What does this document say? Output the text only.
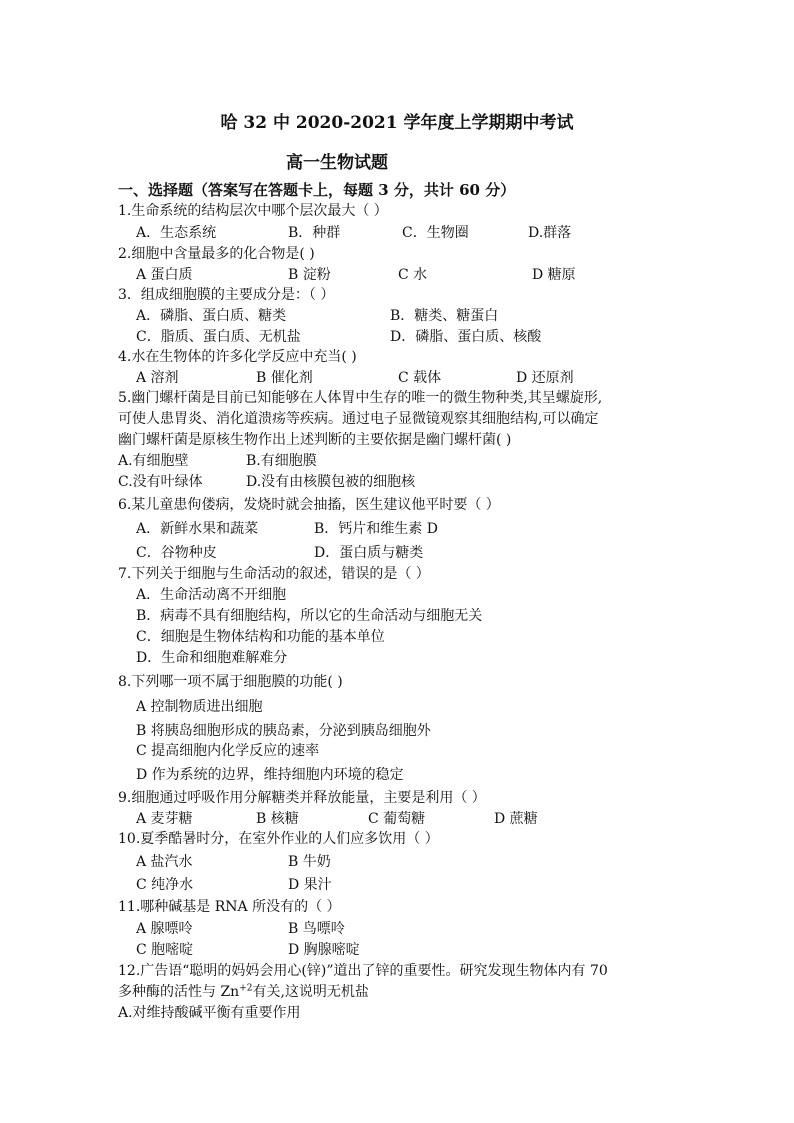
哈 32 中 2020-2021 学年度上学期期中考试
高一生物试题
一、选择题（答案写在答题卡上，每题 3 分，共计 60 分）
1.生命系统的结构层次中哪个层次最大（ ）
A．生态系统	B．种群	C．生物圈	D.群落
2.细胞中含量最多的化合物是( )
A 蛋白质	B 淀粉	C 水	D 糖原
3．组成细胞膜的主要成分是：（ ）
A．磷脂、蛋白质、糖类	B．糖类、糖蛋白
C．脂质、蛋白质、无机盐	D．磷脂、蛋白质、核酸
4.水在生物体的许多化学反应中充当( )
A 溶剂	B 催化剂	C 载体	D 还原剂
5.幽门螺杆菌是目前已知能够在人体胃中生存的唯一的微生物种类,其呈螺旋形,
可使人患胃炎、消化道溃疡等疾病。通过电子显微镜观察其细胞结构,可以确定
幽门螺杆菌是原核生物作出上述判断的主要依据是幽门螺杆菌( )
A.有细胞壁	B.有细胞膜
C.没有叶绿体	D.没有由核膜包被的细胞核
6.某儿童患佝偻病，发烧时就会抽搐，医生建议他平时要（ ）
A．新鲜水果和蔬菜	B．钙片和维生素 D
C．谷物种皮	D．蛋白质与糖类
7.下列关于细胞与生命活动的叙述，错误的是（ ）
A．生命活动离不开细胞
B．病毒不具有细胞结构，所以它的生命活动与细胞无关
C．细胞是生物体结构和功能的基本单位
D．生命和细胞难解难分
8.下列哪一项不属于细胞膜的功能( )
A 控制物质进出细胞
B 将胰岛细胞形成的胰岛素，分泌到胰岛细胞外
C 提高细胞内化学反应的速率
D 作为系统的边界，维持细胞内环境的稳定
9.细胞通过呼吸作用分解糖类并释放能量，主要是利用（ ）
A 麦芽糖	B 核糖	C 葡萄糖	D 蔗糖
10.夏季酷暑时分，在室外作业的人们应多饮用（ ）
A 盐汽水	B 牛奶
C 纯净水	D 果汁
11.哪种碱基是 RNA 所没有的（ ）
A 腺嘌呤	B 鸟嘌呤
C 胞嘧啶	D 胸腺嘧啶
12.广告语“聪明的妈妈会用心(锌)”道出了锌的重要性。研究发现生物体内有 70
多种酶的活性与 $Zn^{+2}$有关,这说明无机盐
A.对维持酸碱平衡有重要作用
